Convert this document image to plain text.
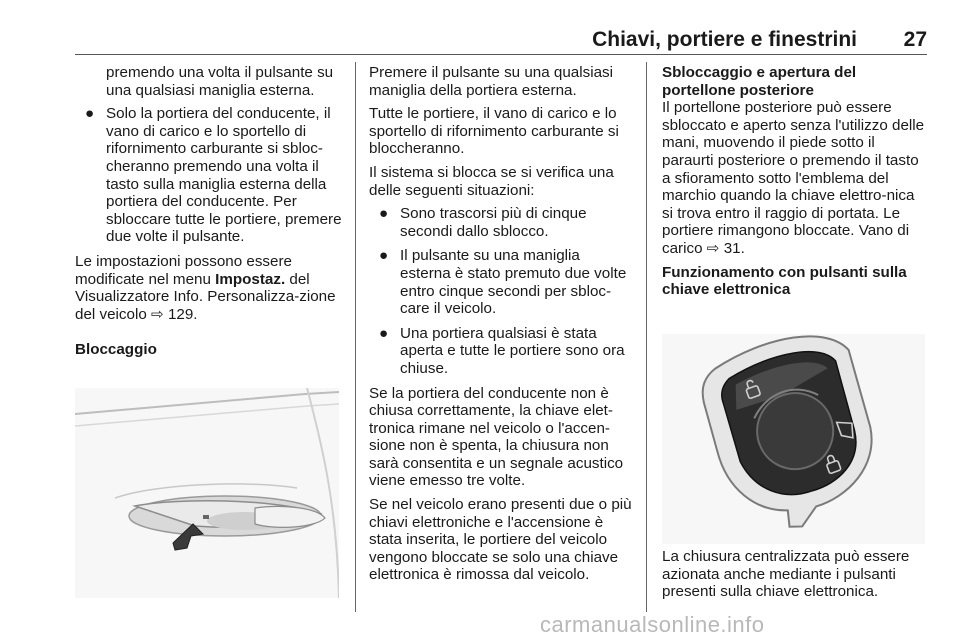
Chiavi, portiere e finestrini 27

premendo una volta il pulsante su una qualsiasi maniglia esterna.

● Solo la portiera del conducente, il vano di carico e lo sportello di rifornimento carburante si sbloc-cheranno premendo una volta il tasto sulla maniglia esterna della portiera del conducente. Per sbloccare tutte le portiere, premere due volte il pulsante.

Le impostazioni possono essere modificate nel menu Impostaz. del Visualizzatore Info. Personalizza-zione del veicolo ⇨ 129.

Bloccaggio

Premere il pulsante su una qualsiasi maniglia della portiera esterna.

Tutte le portiere, il vano di carico e lo sportello di rifornimento carburante si bloccheranno.

Il sistema si blocca se si verifica una delle seguenti situazioni:

● Sono trascorsi più di cinque secondi dallo sblocco.
● Il pulsante su una maniglia esterna è stato premuto due volte entro cinque secondi per sbloc-care il veicolo.
● Una portiera qualsiasi è stata aperta e tutte le portiere sono ora chiuse.

Se la portiera del conducente non è chiusa correttamente, la chiave elet-tronica rimane nel veicolo o l'accen-sione non è spenta, la chiusura non sarà consentita e un segnale acustico viene emesso tre volte.

Se nel veicolo erano presenti due o più chiavi elettroniche e l'accensione è stata inserita, le portiere del veicolo vengono bloccate se solo una chiave elettronica è rimossa dal veicolo.

Sbloccaggio e apertura del portellone posteriore

Il portellone posteriore può essere sbloccato e aperto senza l'utilizzo delle mani, muovendo il piede sotto il paraurti posteriore o premendo il tasto a sfioramento sotto l'emblema del marchio quando la chiave elettro-nica si trova entro il raggio di portata. Le portiere rimangono bloccate. Vano di carico ⇨ 31.

Funzionamento con pulsanti sulla chiave elettronica

La chiusura centralizzata può essere azionata anche mediante i pulsanti presenti sulla chiave elettronica.

carmanualsonline.info
